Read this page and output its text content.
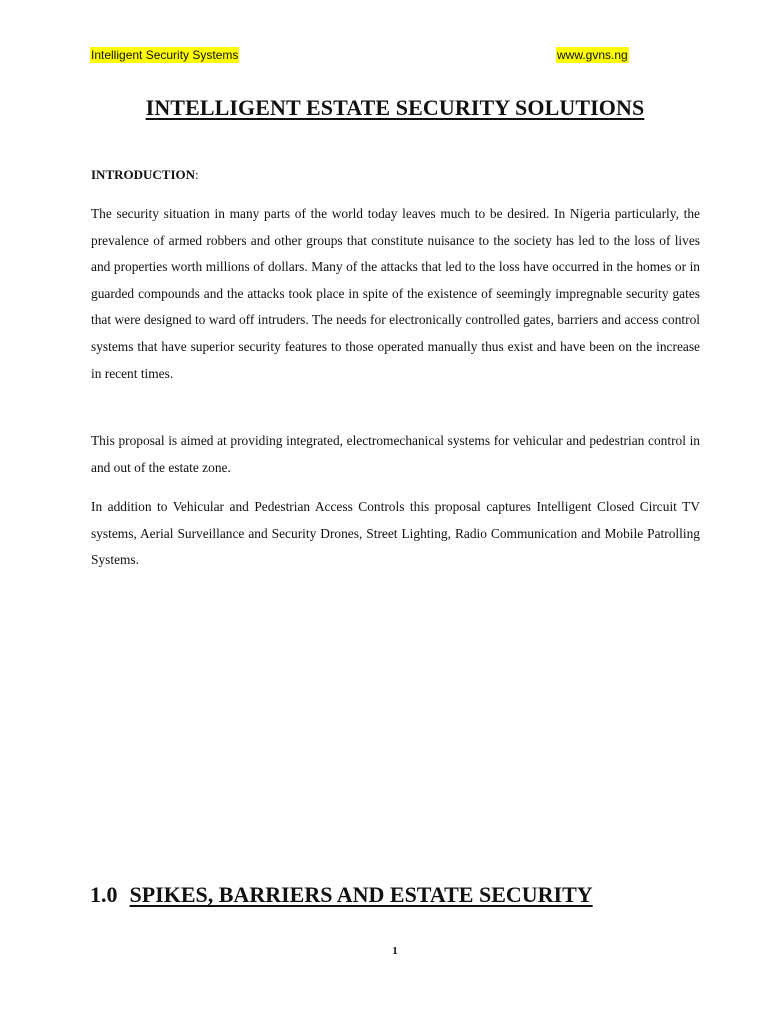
Intelligent Security Systems	www.gvns.ng
INTELLIGENT ESTATE SECURITY SOLUTIONS
INTRODUCTION:

The security situation in many parts of the world today leaves much to be desired. In Nigeria particularly, the prevalence of armed robbers and other groups that constitute nuisance to the society has led to the loss of lives and properties worth millions of dollars. Many of the attacks that led to the loss have occurred in the homes or in guarded compounds and the attacks took place in spite of the existence of seemingly impregnable security gates that were designed to ward off intruders. The needs for electronically controlled gates, barriers and access control systems that have superior security features to those operated manually thus exist and have been on the increase in recent times.

This proposal is aimed at providing integrated, electromechanical systems for vehicular and pedestrian control in and out of the estate zone.

In addition to Vehicular and Pedestrian Access Controls this proposal captures Intelligent Closed Circuit TV systems, Aerial Surveillance and Security Drones, Street Lighting, Radio Communication and Mobile Patrolling Systems.

1.0 SPIKES, BARRIERS AND ESTATE SECURITY
1
